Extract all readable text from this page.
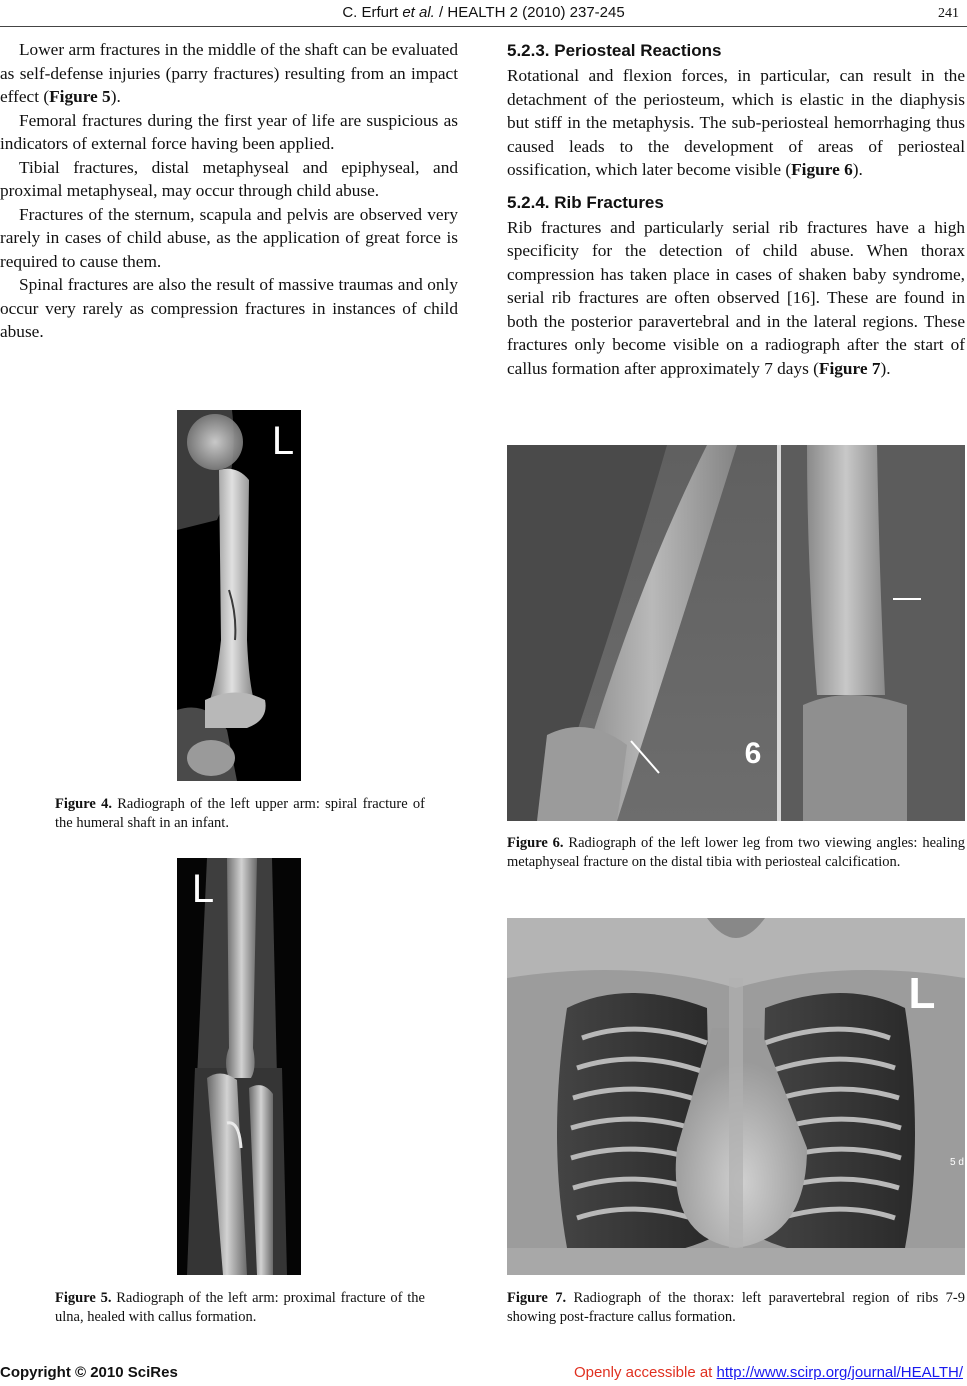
C. Erfurt et al. / HEALTH 2 (2010) 237-245	241

Lower arm fractures in the middle of the shaft can be evaluated as self-defense injuries (parry fractures) resulting from an impact effect (Figure 5).

Femoral fractures during the first year of life are suspicious as indicators of external force having been applied.

Tibial fractures, distal metaphyseal and epiphyseal, and proximal metaphyseal, may occur through child abuse.

Fractures of the sternum, scapula and pelvis are observed very rarely in cases of child abuse, as the application of great force is required to cause them.

Spinal fractures are also the result of massive traumas and only occur very rarely as compression fractures in instances of child abuse.

5.2.3. Periosteal Reactions

Rotational and flexion forces, in particular, can result in the detachment of the periosteum, which is elastic in the diaphysis but stiff in the metaphysis. The sub-periosteal hemorrhaging thus caused leads to the development of areas of periosteal ossification, which later become visible (Figure 6).

5.2.4. Rib Fractures

Rib fractures and particularly serial rib fractures have a high specificity for the detection of child abuse. When thorax compression has taken place in cases of shaken baby syndrome, serial rib fractures are often observed [16]. These are found in both the posterior paravertebral and in the lateral regions. These fractures only become visible on a radiograph after the start of callus formation after approximately 7 days (Figure 7).

L
Figure 4. Radiograph of the left upper arm: spiral fracture of the humeral shaft in an infant.
L
Figure 5. Radiograph of the left arm: proximal fracture of the ulna, healed with callus formation.
6
Figure 6. Radiograph of the left lower leg from two viewing angles: healing metaphyseal fracture on the distal tibia with periosteal calcification.
L
5 d
Figure 7. Radiograph of the thorax: left paravertebral region of ribs 7-9 showing post-fracture callus formation.
Copyright © 2010 SciRes	Openly accessible at http://www.scirp.org/journal/HEALTH/
